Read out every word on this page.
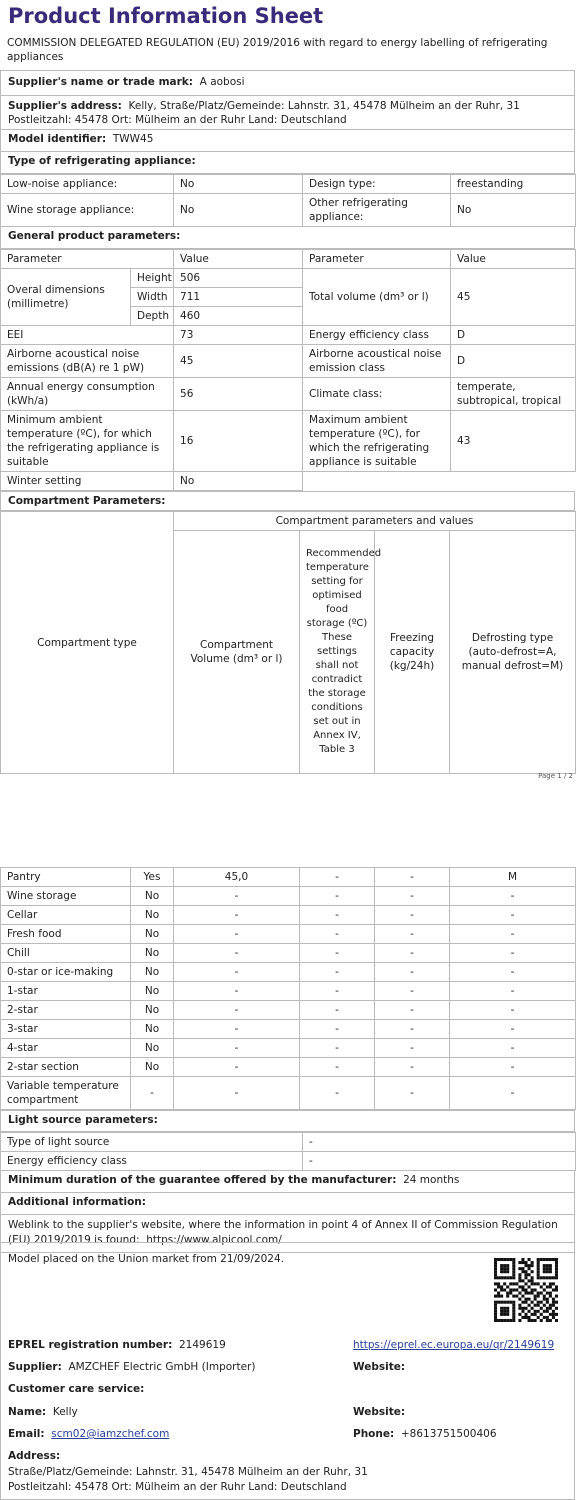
Product Information Sheet
COMMISSION DELEGATED REGULATION (EU) 2019/2016 with regard to energy labelling of refrigerating appliances
Supplier's name or trade mark: A aobosi
Supplier's address: Kelly, Straße/Platz/Gemeinde: Lahnstr. 31, 45478 Mülheim an der Ruhr, 31 Postleitzahl: 45478 Ort: Mülheim an der Ruhr Land: Deutschland
Model identifier: TWW45
Type of refrigerating appliance:
Low-noise appliance:	No	Design type:	freestanding
Wine storage appliance:	No	Other refrigerating appliance:	No
General product parameters:
Parameter		Value	Parameter	Value
Overal dimensions (millimetre)	Height	506	Total volume (dm³ or l)	45
	Width	711		
	Depth	460		
EEI		73	Energy efficiency class	D
Airborne acoustical noise emissions (dB(A) re 1 pW)		45	Airborne acoustical noise emission class	D
Annual energy consumption (kWh/a)		56	Climate class:	temperate, subtropical, tropical
Minimum ambient temperature (ºC), for which the refrigerating appliance is suitable		16	Maximum ambient temperature (ºC), for which the refrigerating appliance is suitable	43
Winter setting		No		
Compartment Parameters:
Compartment type	Compartment parameters and values			
	Compartment Volume (dm³ or l)	Recommended temperature setting for optimised food storage (ºC) These settings shall not contradict the storage conditions set out in Annex IV, Table 3	Freezing capacity (kg/24h)	Defrosting type (auto-defrost=A, manual defrost=M)
Page 1 / 2
Pantry	Yes	45,0	-	-	M
Wine storage	No	-	-	-	-
Cellar	No	-	-	-	-
Fresh food	No	-	-	-	-
Chill	No	-	-	-	-
0-star or ice-making	No	-	-	-	-
1-star	No	-	-	-	-
2-star	No	-	-	-	-
3-star	No	-	-	-	-
4-star	No	-	-	-	-
2-star section	No	-	-	-	-
Variable temperature compartment	-	-	-	-	-
Light source parameters:
Type of light source	-
Energy efficiency class	-
Minimum duration of the guarantee offered by the manufacturer: 24 months
Additional information:
Weblink to the supplier's website, where the information in point 4 of Annex II of Commission Regulation (EU) 2019/2019 is found: https://www.alpicool.com/
Model placed on the Union market from 21/09/2024.
EPREL registration number: 2149619	https://eprel.ec.europa.eu/qr/2149619
Supplier: AMZCHEF Electric GmbH (Importer)	Website:
Customer care service:
Name: Kelly	Website:
Email: scm02@iamzchef.com	Phone: +8613751500406
Address:
Straße/Platz/Gemeinde: Lahnstr. 31, 45478 Mülheim an der Ruhr, 31
Postleitzahl: 45478 Ort: Mülheim an der Ruhr Land: Deutschland
